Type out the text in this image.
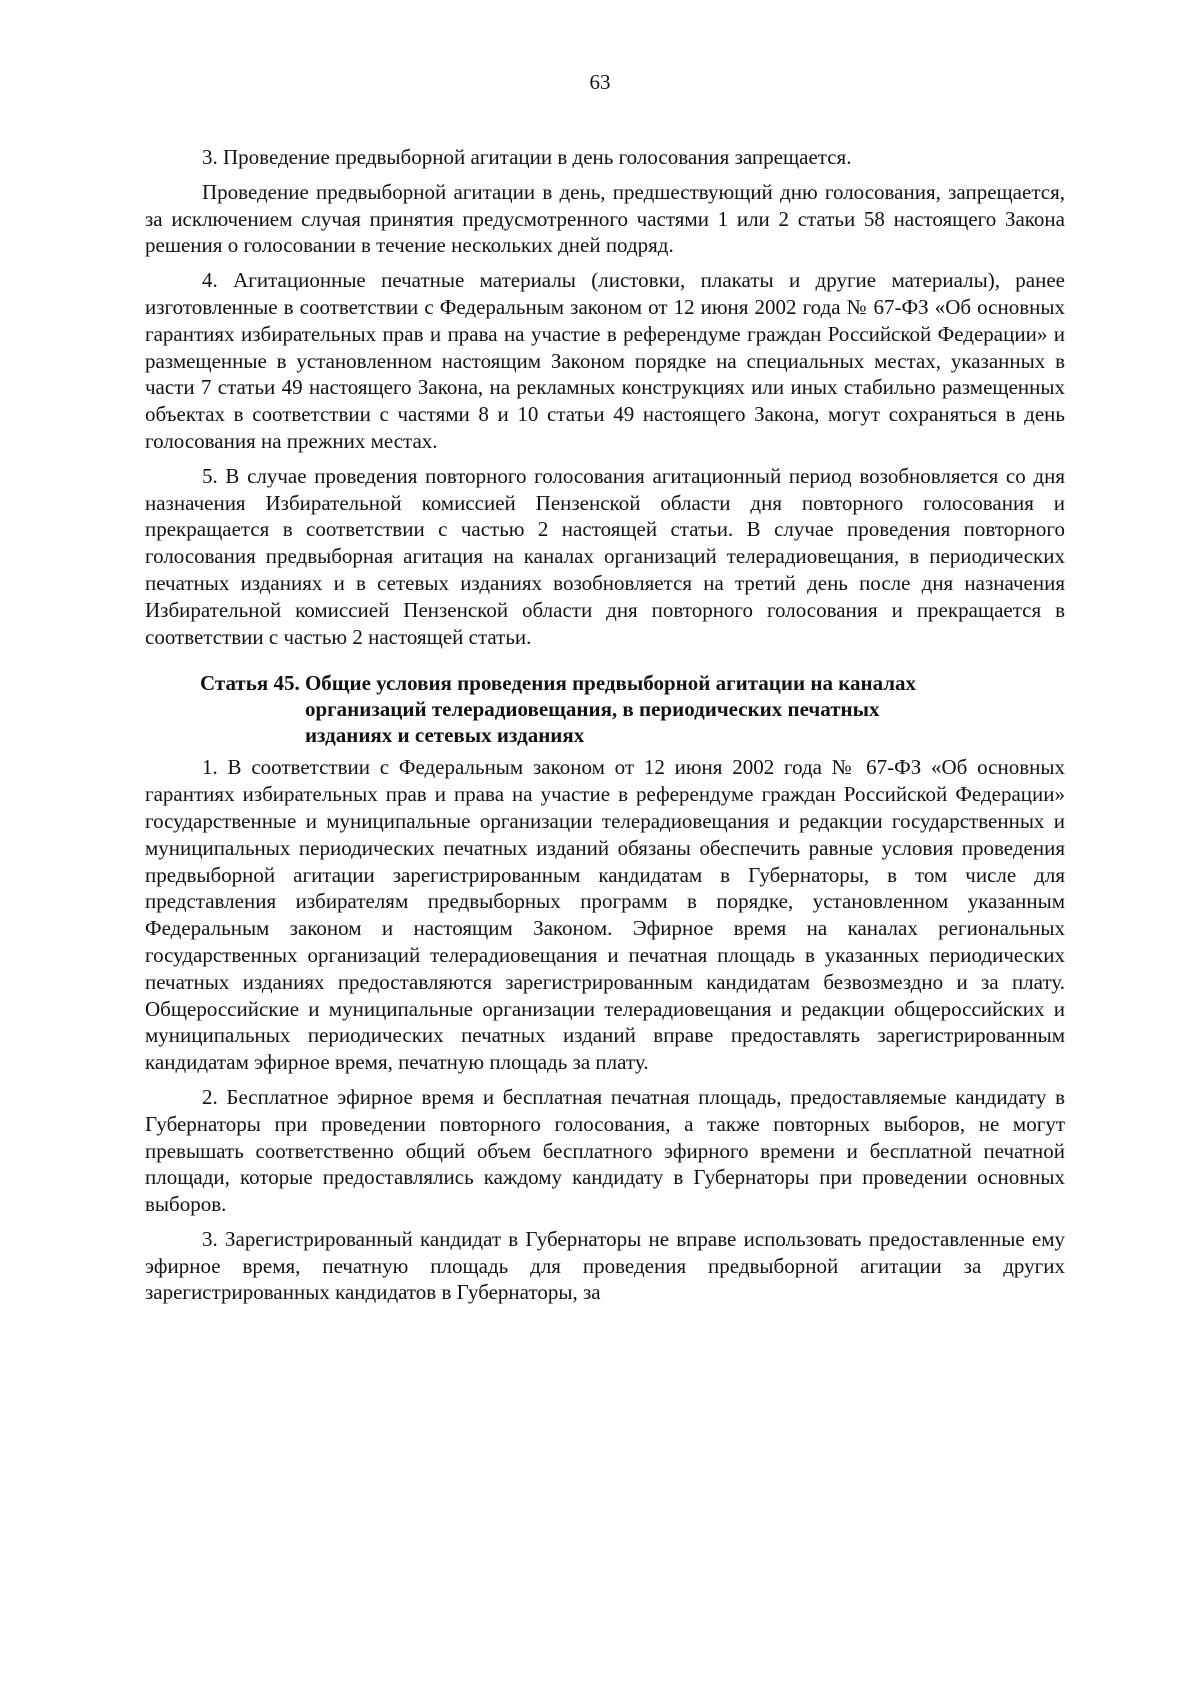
63

3. Проведение предвыборной агитации в день голосования запрещается.

Проведение предвыборной агитации в день, предшествующий дню голосования, запрещается, за исключением случая принятия предусмотренного частями 1 или 2 статьи 58 настоящего Закона решения о голосовании в течение нескольких дней подряд.

4. Агитационные печатные материалы (листовки, плакаты и другие материалы), ранее изготовленные в соответствии с Федеральным законом от 12 июня 2002 года № 67-ФЗ «Об основных гарантиях избирательных прав и права на участие в референдуме граждан Российской Федерации» и размещенные в установленном настоящим Законом порядке на специальных местах, указанных в части 7 статьи 49 настоящего Закона, на рекламных конструкциях или иных стабильно размещенных объектах в соответствии с частями 8 и 10 статьи 49 настоящего Закона, могут сохраняться в день голосования на прежних местах.

5. В случае проведения повторного голосования агитационный период возобновляется со дня назначения Избирательной комиссией Пензенской области дня повторного голосования и прекращается в соответствии с частью 2 настоящей статьи. В случае проведения повторного голосования предвыборная агитация на каналах организаций телерадиовещания, в периодических печатных изданиях и в сетевых изданиях возобновляется на третий день после дня назначения Избирательной комиссией Пензенской области дня повторного голосования и прекращается в соответствии с частью 2 настоящей статьи.

Статья 45. Общие условия проведения предвыборной агитации на каналах организаций телерадиовещания, в периодических печатных изданиях и сетевых изданиях

1. В соответствии с Федеральным законом от 12 июня 2002 года № 67-ФЗ «Об основных гарантиях избирательных прав и права на участие в референдуме граждан Российской Федерации» государственные и муниципальные организации телерадиовещания и редакции государственных и муниципальных периодических печатных изданий обязаны обеспечить равные условия проведения предвыборной агитации зарегистрированным кандидатам в Губернаторы, в том числе для представления избирателям предвыборных программ в порядке, установленном указанным Федеральным законом и настоящим Законом. Эфирное время на каналах региональных государственных организаций телерадиовещания и печатная площадь в указанных периодических печатных изданиях предоставляются зарегистрированным кандидатам безвозмездно и за плату. Общероссийские и муниципальные организации телерадиовещания и редакции общероссийских и муниципальных периодических печатных изданий вправе предоставлять зарегистрированным кандидатам эфирное время, печатную площадь за плату.

2. Бесплатное эфирное время и бесплатная печатная площадь, предоставляемые кандидату в Губернаторы при проведении повторного голосования, а также повторных выборов, не могут превышать соответственно общий объем бесплатного эфирного времени и бесплатной печатной площади, которые предоставлялись каждому кандидату в Губернаторы при проведении основных выборов.

3. Зарегистрированный кандидат в Губернаторы не вправе использовать предоставленные ему эфирное время, печатную площадь для проведения предвыборной агитации за других зарегистрированных кандидатов в Губернаторы, за
